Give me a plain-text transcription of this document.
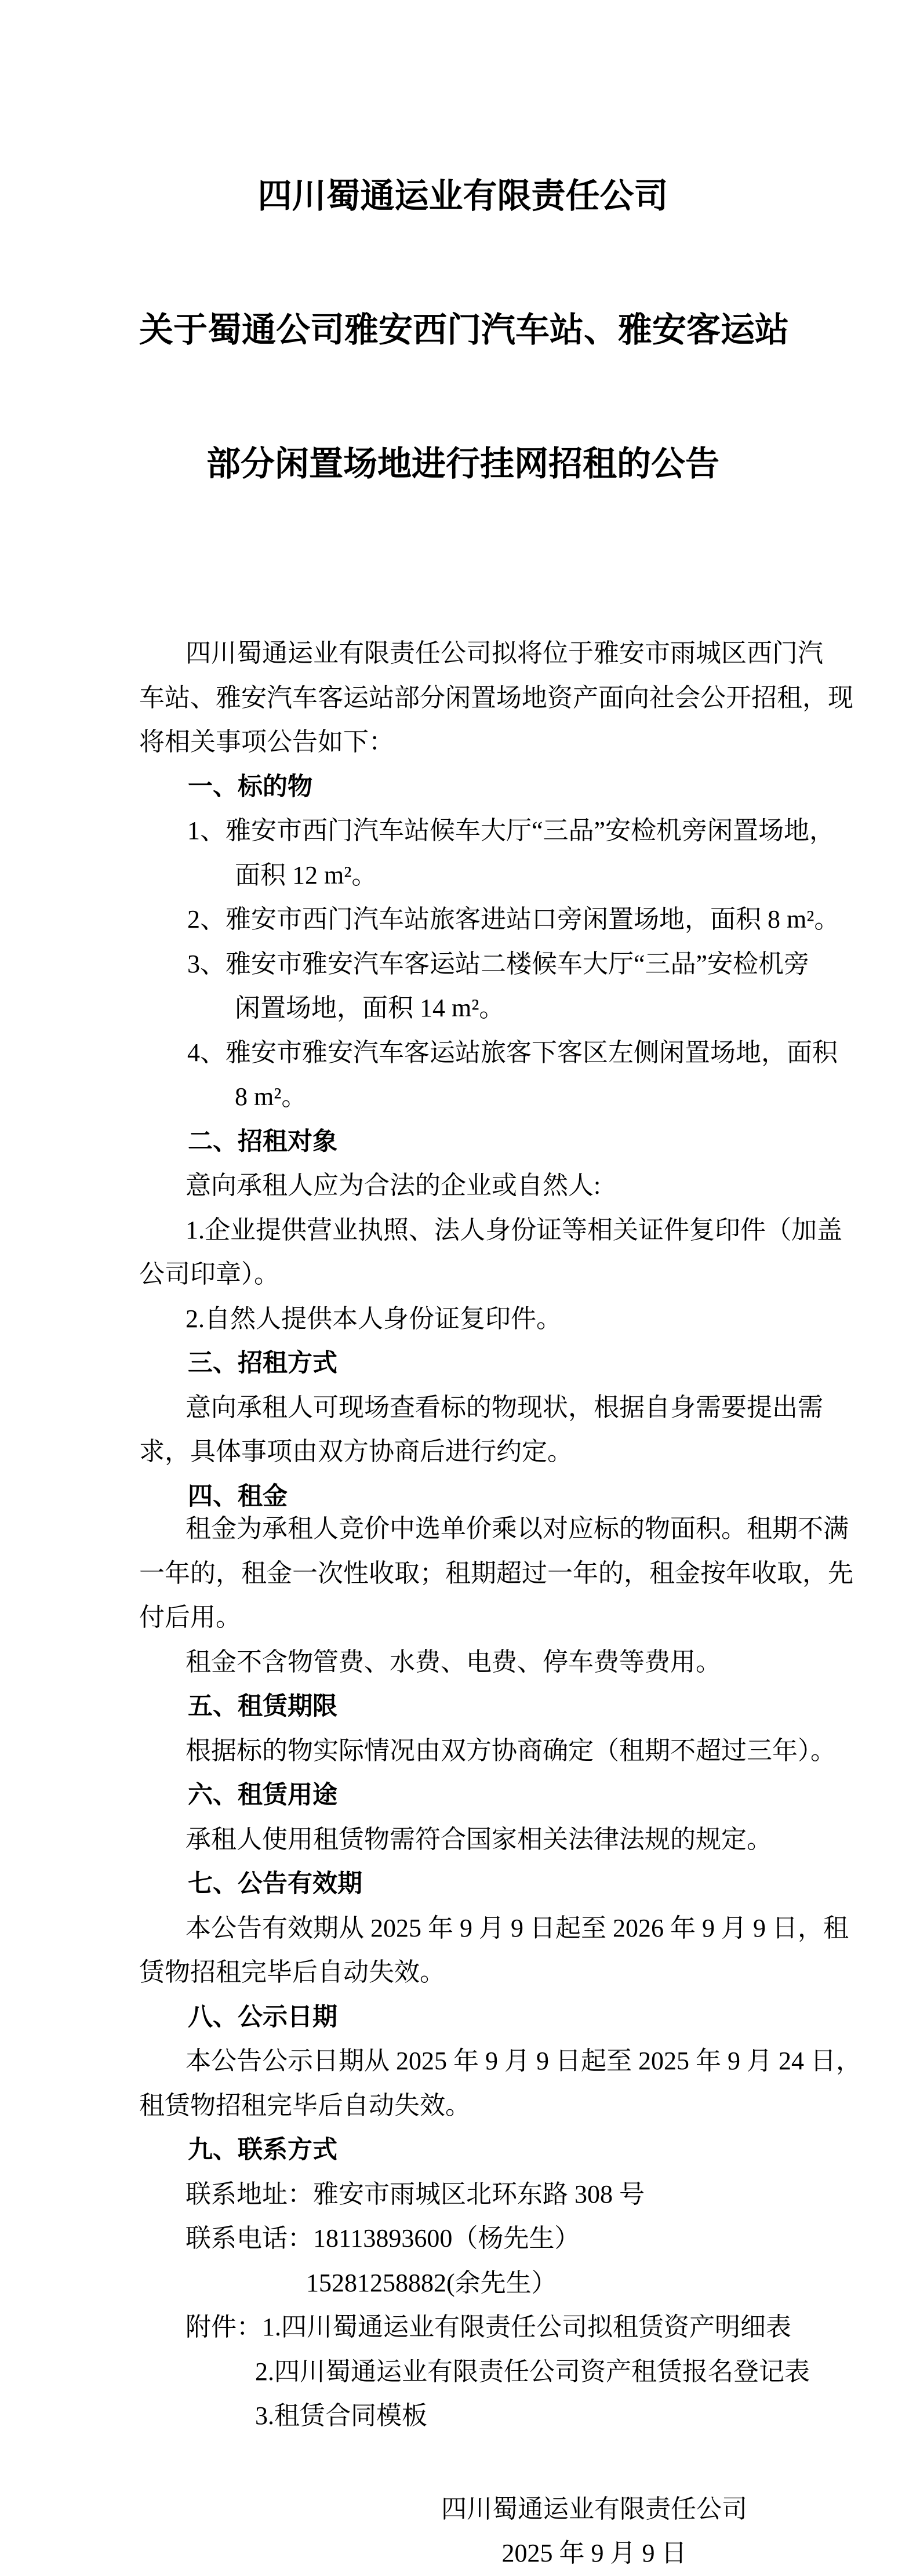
四川蜀通运业有限责任公司

关于蜀通公司雅安西门汽车站、雅安客运站

部分闲置场地进行挂网招租的公告

四川蜀通运业有限责任公司拟将位于雅安市雨城区西门汽
车站、雅安汽车客运站部分闲置场地资产面向社会公开招租，现
将相关事项公告如下：
一、标的物
1、雅安市西门汽车站候车大厅“三品”安检机旁闲置场地，
面积 12 m²。
2、雅安市西门汽车站旅客进站口旁闲置场地，面积 8 m²。
3、雅安市雅安汽车客运站二楼候车大厅“三品”安检机旁
闲置场地，面积 14 m²。
4、雅安市雅安汽车客运站旅客下客区左侧闲置场地，面积
8 m²。
二、招租对象
意向承租人应为合法的企业或自然人:
1.企业提供营业执照、法人身份证等相关证件复印件（加盖
公司印章）。
2.自然人提供本人身份证复印件。
三、招租方式
意向承租人可现场查看标的物现状，根据自身需要提出需
求，具体事项由双方协商后进行约定。
四、租金
租金为承租人竞价中选单价乘以对应标的物面积。租期不满
一年的，租金一次性收取；租期超过一年的，租金按年收取，先
付后用。
租金不含物管费、水费、电费、停车费等费用。
五、租赁期限
根据标的物实际情况由双方协商确定（租期不超过三年）。
六、租赁用途
承租人使用租赁物需符合国家相关法律法规的规定。
七、公告有效期
本公告有效期从 2025 年 9 月 9 日起至 2026 年 9 月 9 日，租
赁物招租完毕后自动失效。
八、公示日期
本公告公示日期从 2025 年 9 月 9 日起至 2025 年 9 月 24 日，
租赁物招租完毕后自动失效。
九、联系方式
联系地址：雅安市雨城区北环东路 308 号
联系电话：18113893600（杨先生）
15281258882(余先生）
附件：1.四川蜀通运业有限责任公司拟租赁资产明细表
2.四川蜀通运业有限责任公司资产租赁报名登记表
3.租赁合同模板
四川蜀通运业有限责任公司
2025 年 9 月 9 日
